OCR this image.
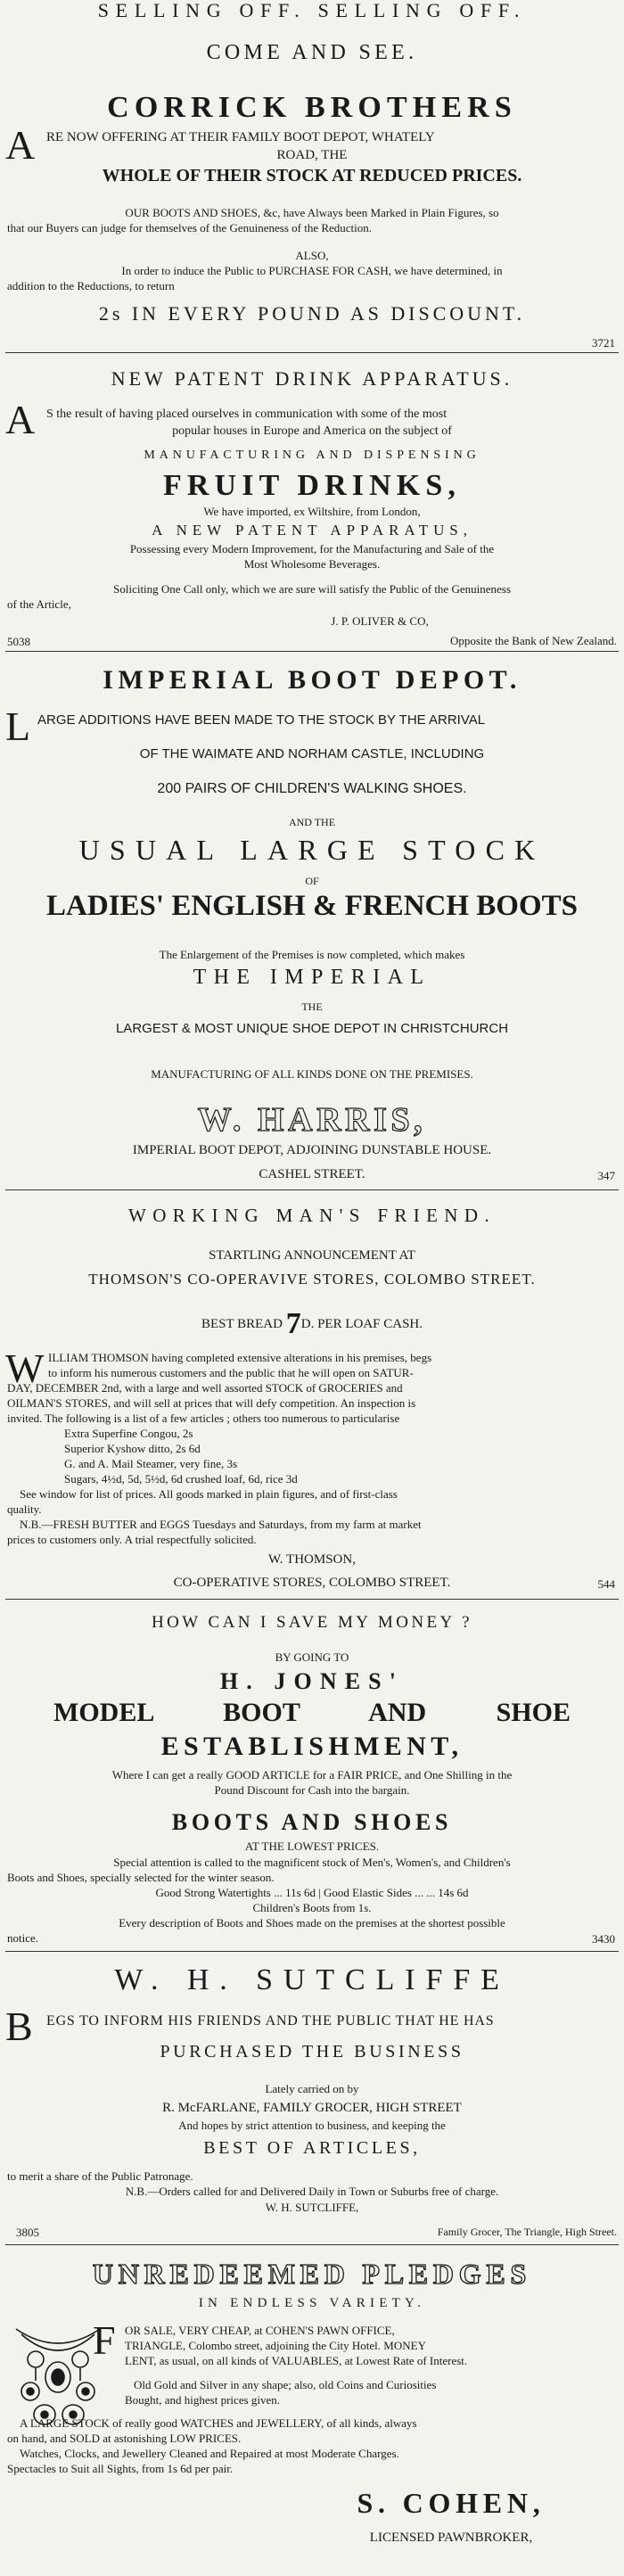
SELLING OFF. SELLING OFF.
COME AND SEE.
CORRICK BROTHERS
A RE NOW OFFERING AT THEIR FAMILY BOOT DEPOT, WHATELY
ROAD, THE
WHOLE OF THEIR STOCK AT REDUCED PRICES.
OUR BOOTS AND SHOES, &c, have Always been Marked in Plain Figures, so
that our Buyers can judge for themselves of the Genuineness of the Reduction.
ALSO,
In order to induce the Public to PURCHASE FOR CASH, we have determined, in
addition to the Reductions, to return
2s IN EVERY POUND AS DISCOUNT.
3721
NEW PATENT DRINK APPARATUS.
A S the result of having placed ourselves in communication with some of the most
popular houses in Europe and America on the subject of
MANUFACTURING AND DISPENSING
FRUIT DRINKS,
We have imported, ex Wiltshire, from London,
A NEW PATENT APPARATUS,
Possessing every Modern Improvement, for the Manufacturing and Sale of the
Most Wholesome Beverages.
Soliciting One Call only, which we are sure will satisfy the Public of the Genuineness
of the Article,
J. P. OLIVER & CO,
5038	Opposite the Bank of New Zealand.
IMPERIAL BOOT DEPOT.
L ARGE ADDITIONS HAVE BEEN MADE TO THE STOCK BY THE ARRIVAL
OF THE WAIMATE AND NORHAM CASTLE, INCLUDING
200 PAIRS OF CHILDREN'S WALKING SHOES.
AND THE
USUAL LARGE STOCK
OF
LADIES' ENGLISH & FRENCH BOOTS
The Enlargement of the Premises is now completed, which makes
THE IMPERIAL
THE
LARGEST & MOST UNIQUE SHOE DEPOT IN CHRISTCHURCH
MANUFACTURING OF ALL KINDS DONE ON THE PREMISES.
W. HARRIS,
IMPERIAL BOOT DEPOT, ADJOINING DUNSTABLE HOUSE.
CASHEL STREET.	347
WORKING MAN'S FRIEND.
STARTLING ANNOUNCEMENT AT
THOMSON'S CO-OPERAVIVE STORES, COLOMBO STREET.
BEST BREAD 7D. PER LOAF CASH.
W ILLIAM THOMSON having completed extensive alterations in his premises, begs
to inform his numerous customers and the public that he will open on SATUR-
DAY, DECEMBER 2nd, with a large and well assorted STOCK of GROCERIES and
OILMAN'S STORES, and will sell at prices that will defy competition. An inspection is
invited. The following is a list of a few articles ; others too numerous to particularise
Extra Superfine Congou, 2s
Superior Kyshow ditto, 2s 6d
G. and A. Mail Steamer, very fine, 3s
Sugars, 4½d, 5d, 5½d, 6d crushed loaf, 6d, rice 3d
See window for list of prices. All goods marked in plain figures, and of first-class
quality.
N.B.—FRESH BUTTER and EGGS Tuesdays and Saturdays, from my farm at market
prices to customers only. A trial respectfully solicited.
W. THOMSON,
CO-OPERATIVE STORES, COLOMBO STREET.	544
HOW CAN I SAVE MY MONEY ?
BY GOING TO
H. JONES'
MODEL BOOT AND SHOE
ESTABLISHMENT,
Where I can get a really GOOD ARTICLE for a FAIR PRICE, and One Shilling in the
Pound Discount for Cash into the bargain.
BOOTS AND SHOES
AT THE LOWEST PRICES.
Special attention is called to the magnificent stock of Men's, Women's, and Children's
Boots and Shoes, specially selected for the winter season.
Good Strong Watertights ... 11s 6d | Good Elastic Sides ... ... 14s 6d
Children's Boots from 1s.
Every description of Boots and Shoes made on the premises at the shortest possible
notice.	3430
W. H. SUTCLIFFE
B EGS TO INFORM HIS FRIENDS AND THE PUBLIC THAT HE HAS
PURCHASED THE BUSINESS
Lately carried on by
R. McFARLANE, FAMILY GROCER, HIGH STREET
And hopes by strict attention to business, and keeping the
BEST OF ARTICLES,
to merit a share of the Public Patronage.
N.B.—Orders called for and Delivered Daily in Town or Suburbs free of charge.
W. H. SUTCLIFFE,
3805	Family Grocer, The Triangle, High Street.
UNREDEEMED PLEDGES
IN ENDLESS VARIETY.
F OR SALE, VERY CHEAP, at COHEN'S PAWN OFFICE,
TRIANGLE, Colombo street, adjoining the City Hotel. MONEY
LENT, as usual, on all kinds of VALUABLES, at Lowest Rate of Interest.
Old Gold and Silver in any shape; also, old Coins and Curiosities
Bought, and highest prices given.
A LARGE STOCK of really good WATCHES and JEWELLERY, of all kinds, always
on hand, and SOLD at astonishing LOW PRICES.
Watches, Clocks, and Jewellery Cleaned and Repaired at most Moderate Charges.
Spectacles to Suit all Sights, from 1s 6d per pair.
S. COHEN,
LICENSED PAWNBROKER,
